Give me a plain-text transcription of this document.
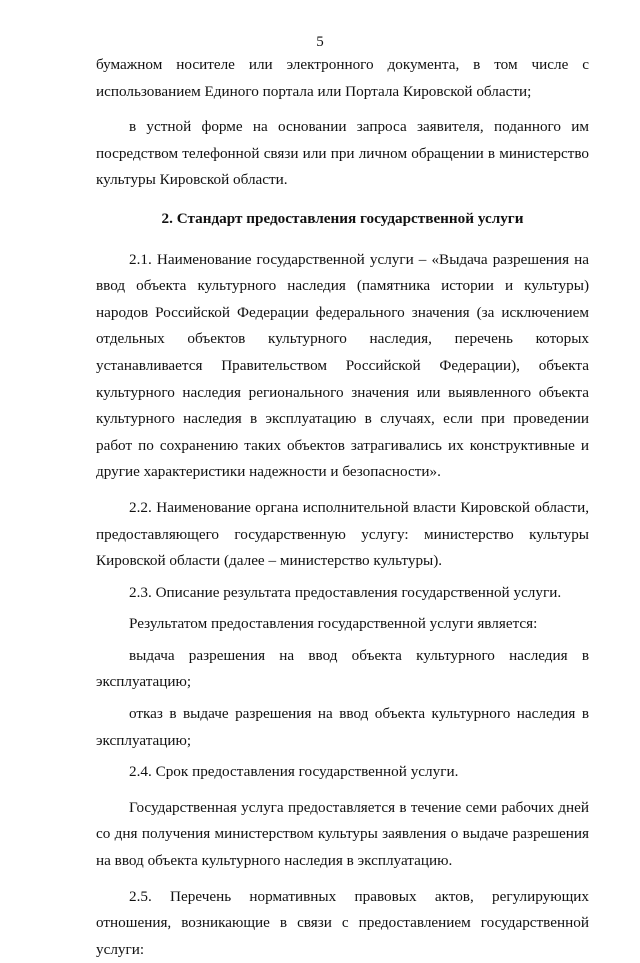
5

бумажном носителе или электронного документа, в том числе с использованием Единого портала или Портала Кировской области;

в устной форме на основании запроса заявителя, поданного им посредством телефонной связи или при личном обращении в министерство культуры Кировской области.

2. Стандарт предоставления государственной услуги

2.1. Наименование государственной услуги – «Выдача разрешения на ввод объекта культурного наследия (памятника истории и культуры) народов Российской Федерации федерального значения (за исключением отдельных объектов культурного наследия, перечень которых устанавливается Правительством Российской Федерации), объекта культурного наследия регионального значения или выявленного объекта культурного наследия в эксплуатацию в случаях, если при проведении работ по сохранению таких объектов затрагивались их конструктивные и другие характеристики надежности и безопасности».

2.2. Наименование органа исполнительной власти Кировской области, предоставляющего государственную услугу: министерство культуры Кировской области (далее – министерство культуры).

2.3. Описание результата предоставления государственной услуги.

Результатом предоставления государственной услуги является:

выдача разрешения на ввод объекта культурного наследия в эксплуатацию;

отказ в выдаче разрешения на ввод объекта культурного наследия в эксплуатацию;

2.4. Срок предоставления государственной услуги.

Государственная услуга предоставляется в течение семи рабочих дней со дня получения министерством культуры заявления о выдаче разрешения на ввод объекта культурного наследия в эксплуатацию.

2.5. Перечень нормативных правовых актов, регулирующих отношения, возникающие в связи с предоставлением государственной услуги:
